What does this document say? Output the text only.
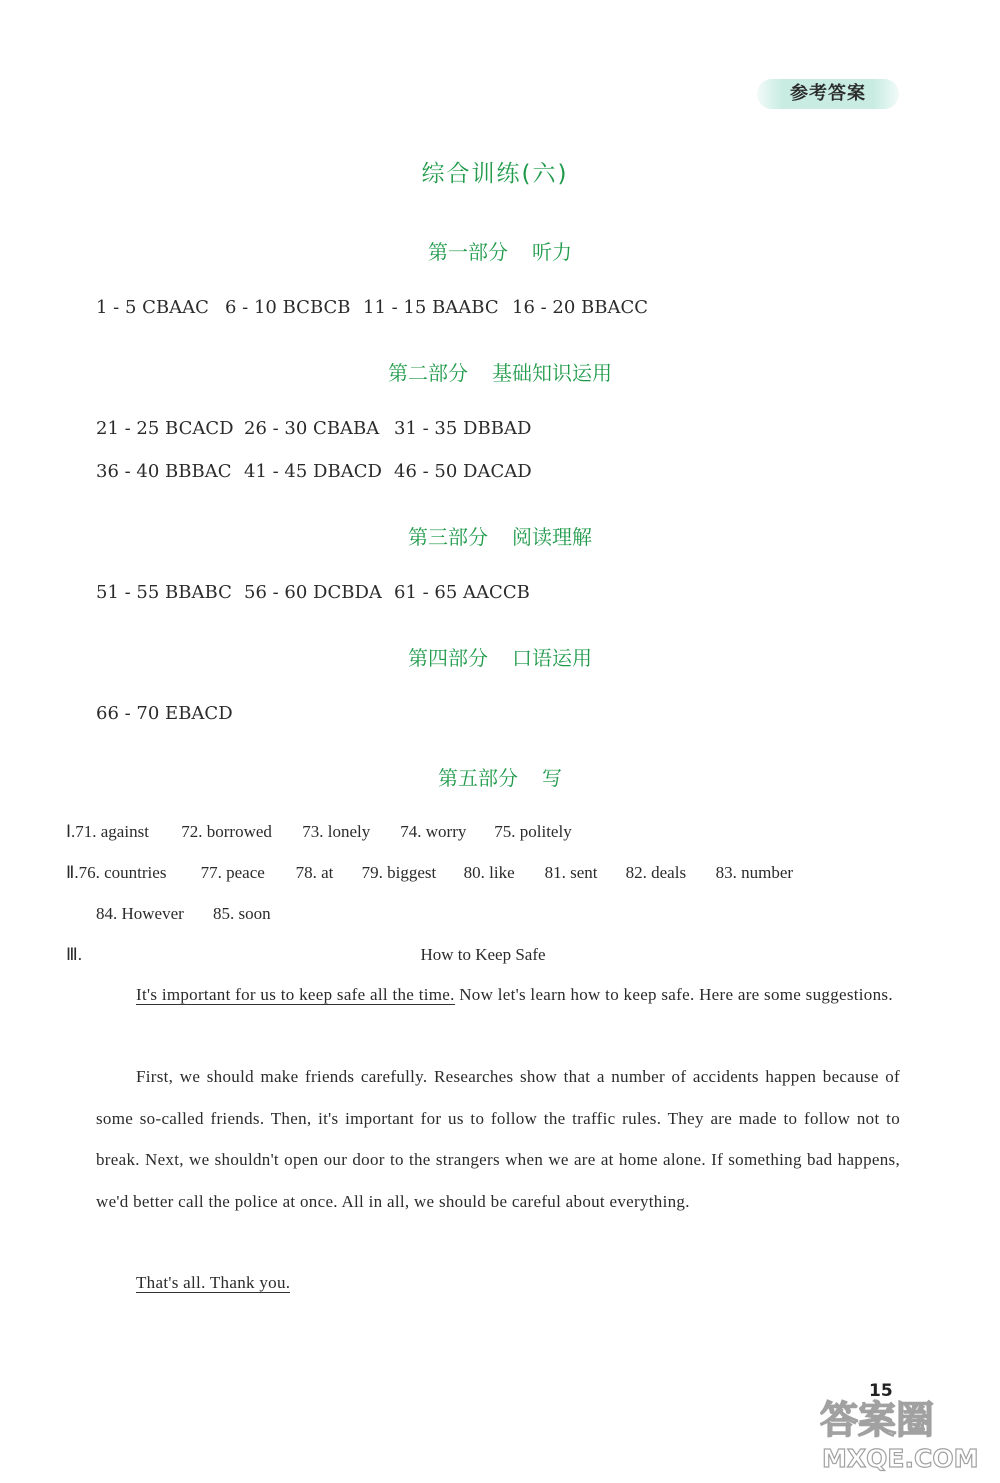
参考答案
综合训练(六)
第一部分 听力
1 - 5 CBAAC 6 - 10 BCBCB 11 - 15 BAABC 16 - 20 BBACC
第二部分 基础知识运用
21 - 25 BCACD 26 - 30 CBABA 31 - 35 DBBAD
36 - 40 BBBAC 41 - 45 DBACD 46 - 50 DACAD
第三部分 阅读理解
51 - 55 BBABC 56 - 60 DCBDA 61 - 65 AACCB
第四部分 口语运用
66 - 70 EBACD
第五部分 写
Ⅰ.71. against 72. borrowed 73. lonely 74. worry 75. politely
Ⅱ.76. countries 77. peace 78. at 79. biggest 80. like 81. sent 82. deals 83. number
84. However 85. soon
Ⅲ.	How to Keep Safe
It's important for us to keep safe all the time. Now let's learn how to keep safe. Here are some suggestions.
First, we should make friends carefully. Researches show that a number of accidents happen because of some so-called friends. Then, it's important for us to follow the traffic rules. They are made to follow not to break. Next, we shouldn't open our door to the strangers when we are at home alone. If something bad happens, we'd better call the police at once. All in all, we should be careful about everything.
That's all. Thank you.
15
答案圈
MXQE.COM
